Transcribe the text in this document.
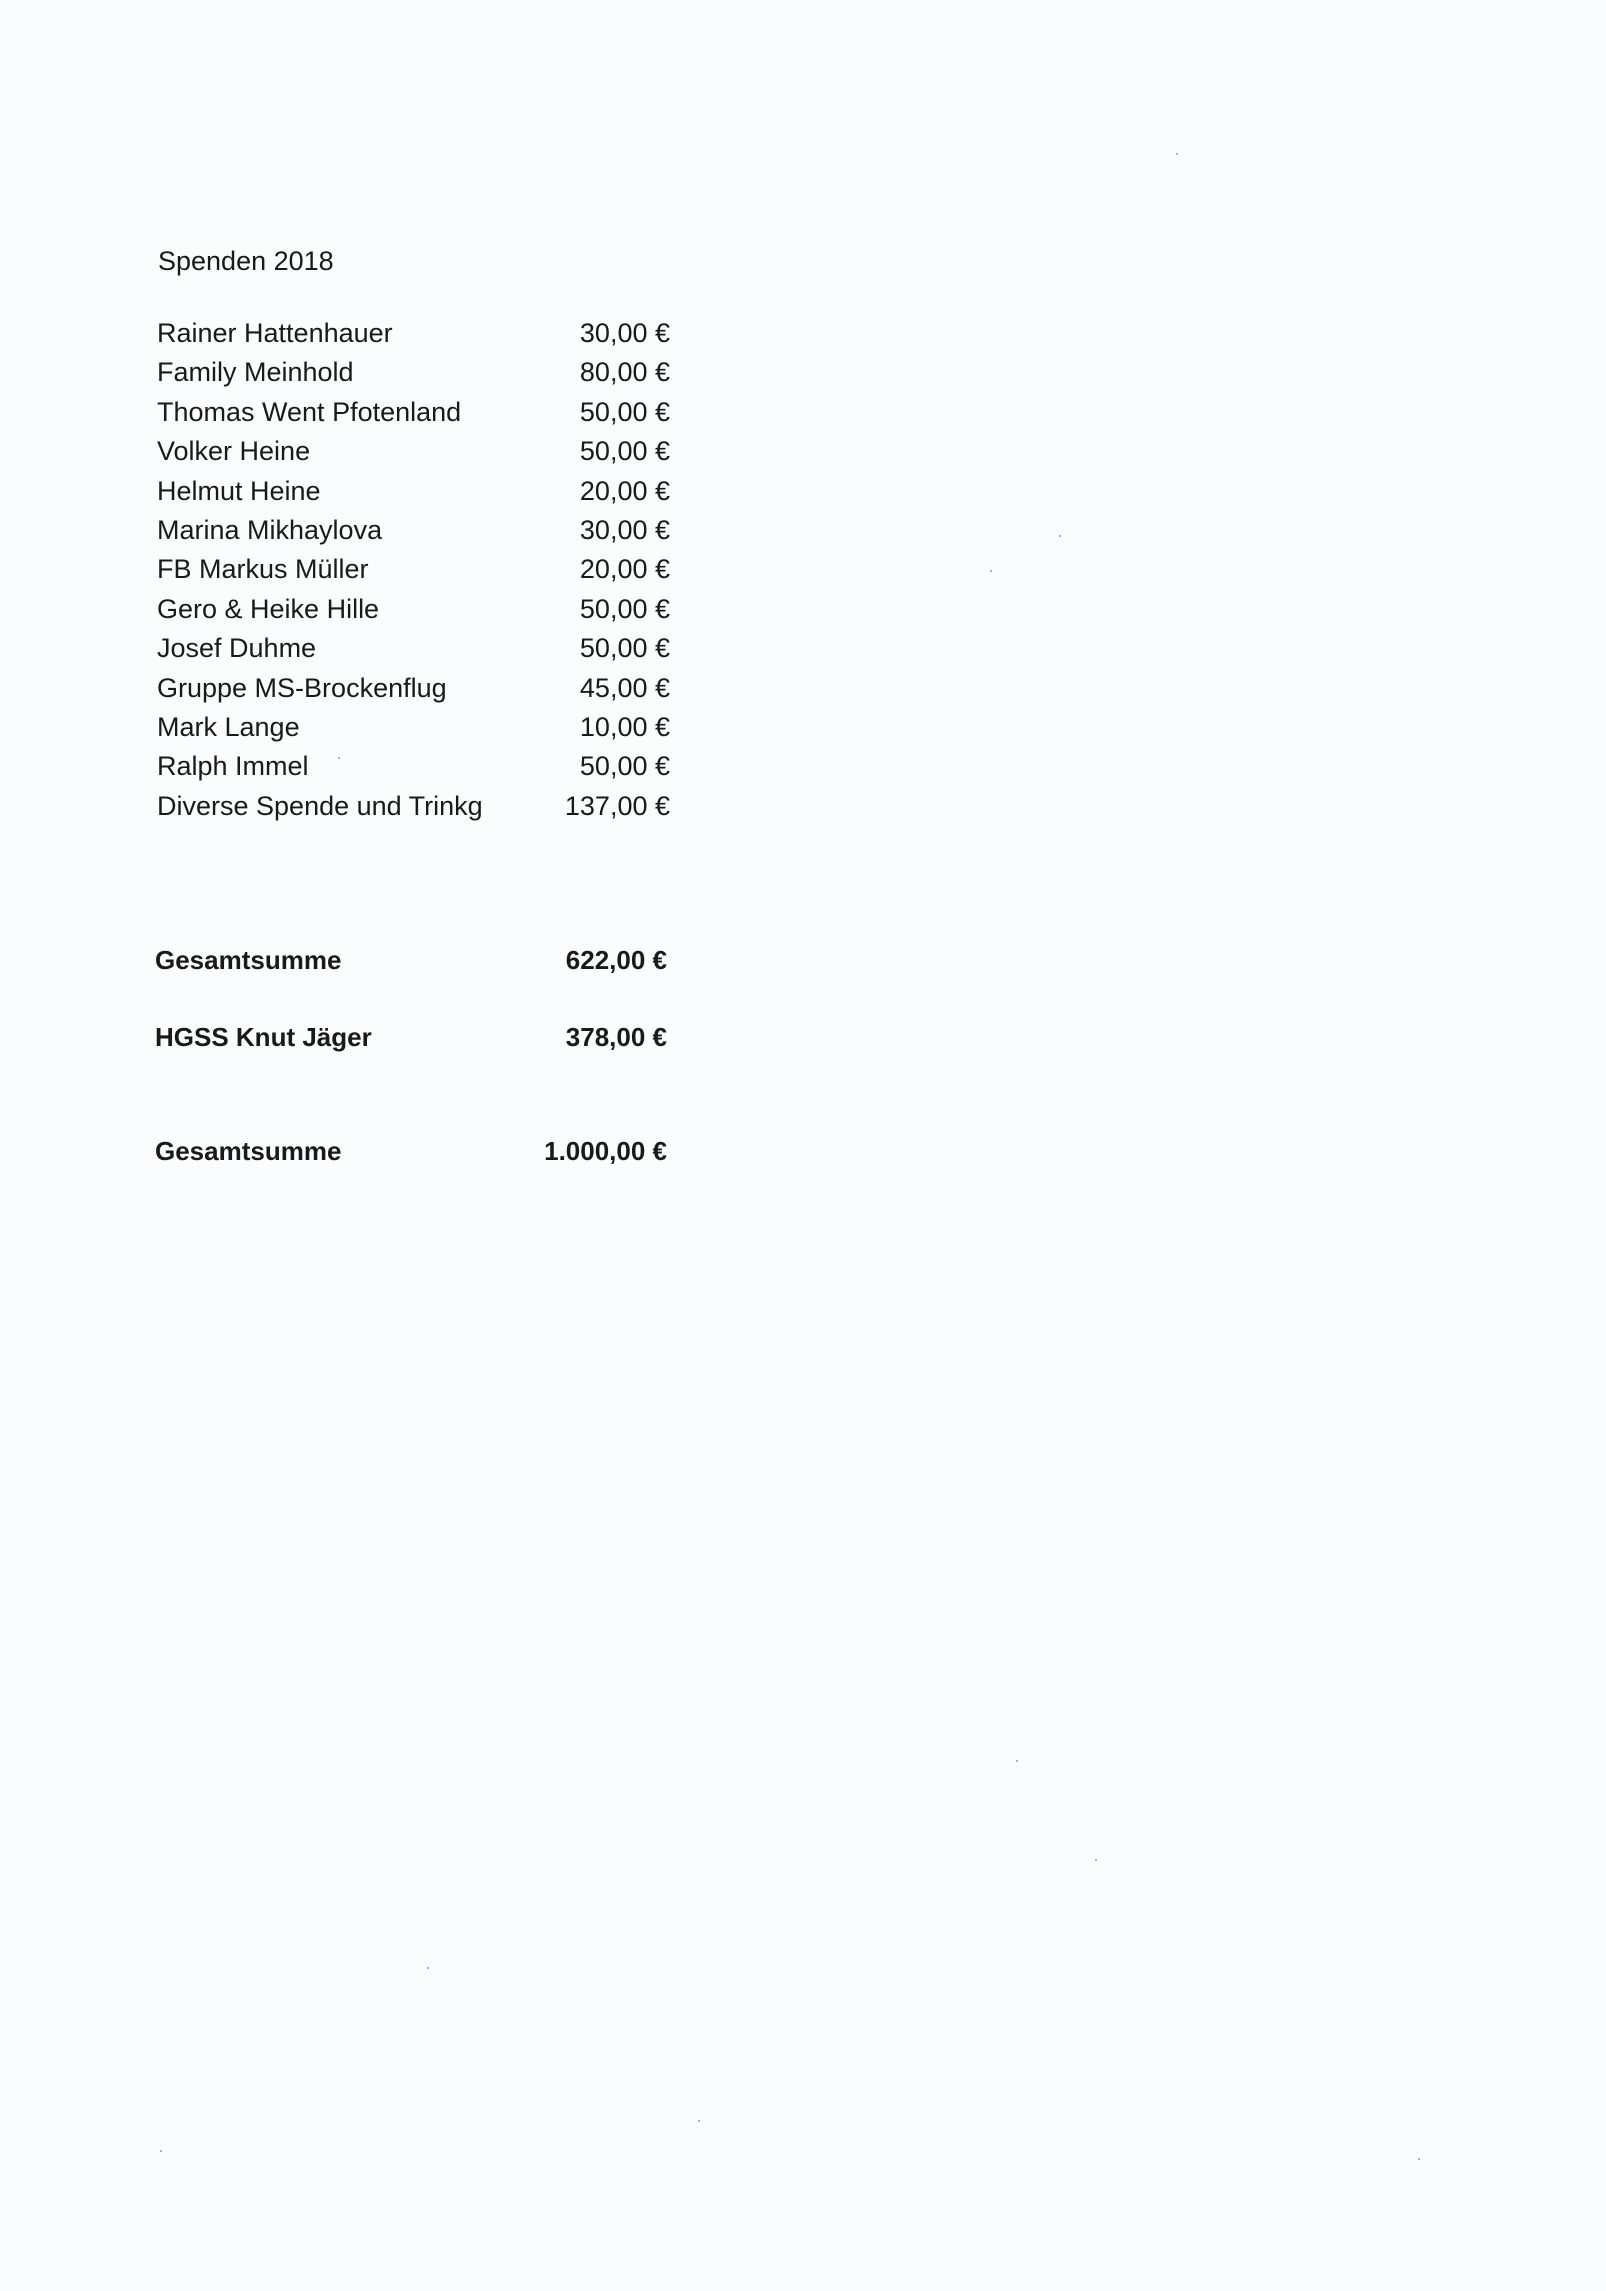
Spenden 2018
Rainer Hattenhauer	30,00 €
Family Meinhold	80,00 €
Thomas Went Pfotenland	50,00 €
Volker Heine	50,00 €
Helmut Heine	20,00 €
Marina Mikhaylova	30,00 €
FB Markus Müller	20,00 €
Gero & Heike Hille	50,00 €
Josef Duhme	50,00 €
Gruppe MS-Brockenflug	45,00 €
Mark Lange	10,00 €
Ralph Immel	50,00 €
Diverse Spende und Trinkg	137,00 €
Gesamtsumme	622,00 €
HGSS Knut Jäger	378,00 €
Gesamtsumme	1.000,00 €
